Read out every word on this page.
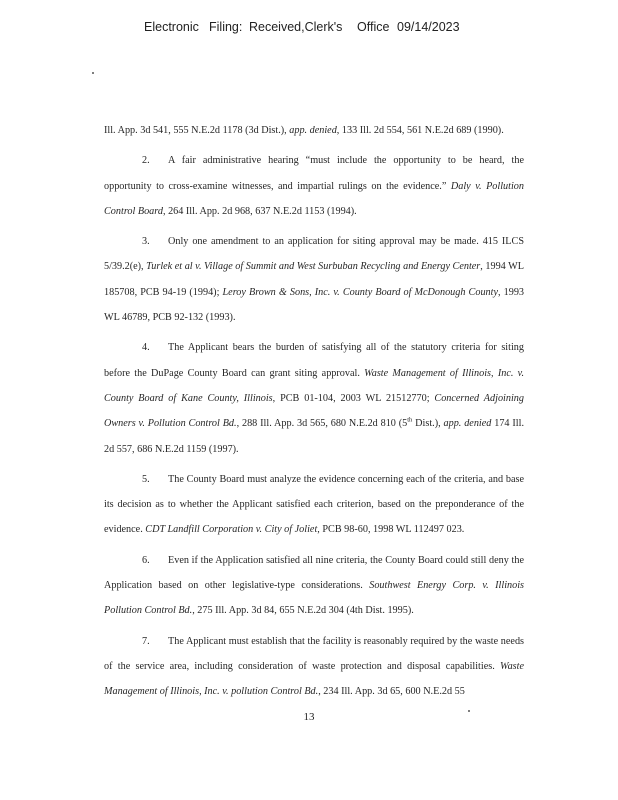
Electronic Filing: Received,Clerk's Office 09/14/2023

Ill. App. 3d 541, 555 N.E.2d 1178 (3d Dist.), app. denied, 133 Ill. 2d 554, 561 N.E.2d 689 (1990).

2. A fair administrative hearing “must include the opportunity to be heard, the opportunity to cross-examine witnesses, and impartial rulings on the evidence.” Daly v. Pollution Control Board, 264 Ill. App. 2d 968, 637 N.E.2d 1153 (1994).

3. Only one amendment to an application for siting approval may be made. 415 ILCS 5/39.2(e), Turlek et al v. Village of Summit and West Surbuban Recycling and Energy Center, 1994 WL 185708, PCB 94-19 (1994); Leroy Brown & Sons, Inc. v. County Board of McDonough County, 1993 WL 46789, PCB 92-132 (1993).

4. The Applicant bears the burden of satisfying all of the statutory criteria for siting before the DuPage County Board can grant siting approval. Waste Management of Illinois, Inc. v. County Board of Kane County, Illinois, PCB 01-104, 2003 WL 21512770; Concerned Adjoining Owners v. Pollution Control Bd., 288 Ill. App. 3d 565, 680 N.E.2d 810 (5th Dist.), app. denied 174 Ill. 2d 557, 686 N.E.2d 1159 (1997).

5. The County Board must analyze the evidence concerning each of the criteria, and base its decision as to whether the Applicant satisfied each criterion, based on the preponderance of the evidence. CDT Landfill Corporation v. City of Joliet, PCB 98-60, 1998 WL 112497 023.

6. Even if the Application satisfied all nine criteria, the County Board could still deny the Application based on other legislative-type considerations. Southwest Energy Corp. v. Illinois Pollution Control Bd., 275 Ill. App. 3d 84, 655 N.E.2d 304 (4th Dist. 1995).

7. The Applicant must establish that the facility is reasonably required by the waste needs of the service area, including consideration of waste protection and disposal capabilities. Waste Management of Illinois, Inc. v. pollution Control Bd., 234 Ill. App. 3d 65, 600 N.E.2d 55

13
